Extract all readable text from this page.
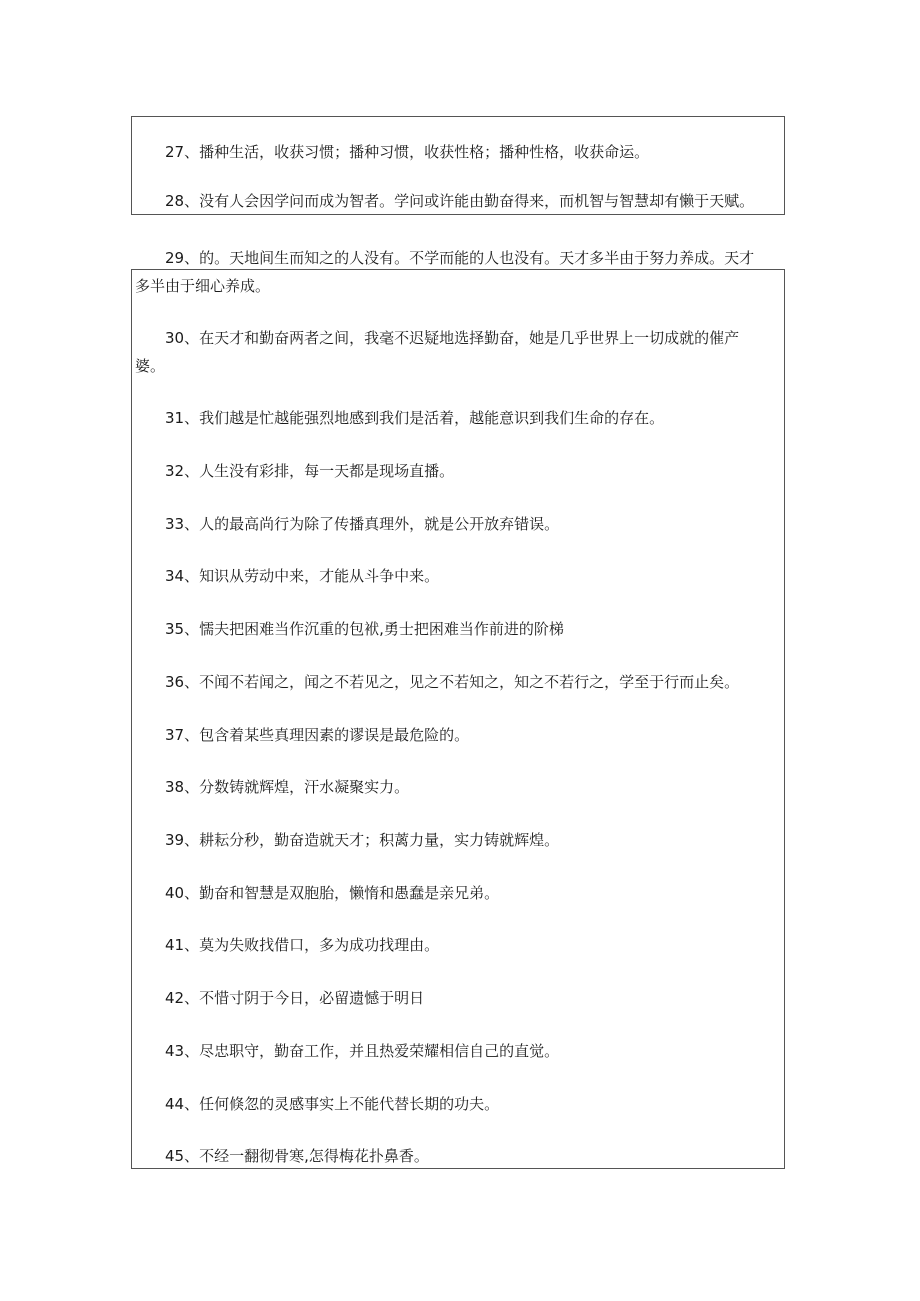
27、播种生活，收获习惯；播种习惯，收获性格；播种性格，收获命运。
28、没有人会因学问而成为智者。学问或许能由勤奋得来，而机智与智慧却有懒于天赋。
29、的。天地间生而知之的人没有。不学而能的人也没有。天才多半由于努力养成。天才
多半由于细心养成。
30、在天才和勤奋两者之间，我毫不迟疑地选择勤奋，她是几乎世界上一切成就的催产
婆。
31、我们越是忙越能强烈地感到我们是活着，越能意识到我们生命的存在。
32、人生没有彩排，每一天都是现场直播。
33、人的最高尚行为除了传播真理外，就是公开放弃错误。
34、知识从劳动中来，才能从斗争中来。
35、懦夫把困难当作沉重的包袱,勇士把困难当作前进的阶梯
36、不闻不若闻之，闻之不若见之，见之不若知之，知之不若行之，学至于行而止矣。
37、包含着某些真理因素的谬误是最危险的。
38、分数铸就辉煌，汗水凝聚实力。
39、耕耘分秒，勤奋造就天才；积蓠力量，实力铸就辉煌。
40、勤奋和智慧是双胞胎，懒惰和愚蠢是亲兄弟。
41、莫为失败找借口，多为成功找理由。
42、不惜寸阴于今日，必留遗憾于明日
43、尽忠职守，勤奋工作，并且热爱荣耀相信自己的直觉。
44、任何倏忽的灵感事实上不能代替长期的功夫。
45、不经一翻彻骨寒,怎得梅花扑鼻香。
